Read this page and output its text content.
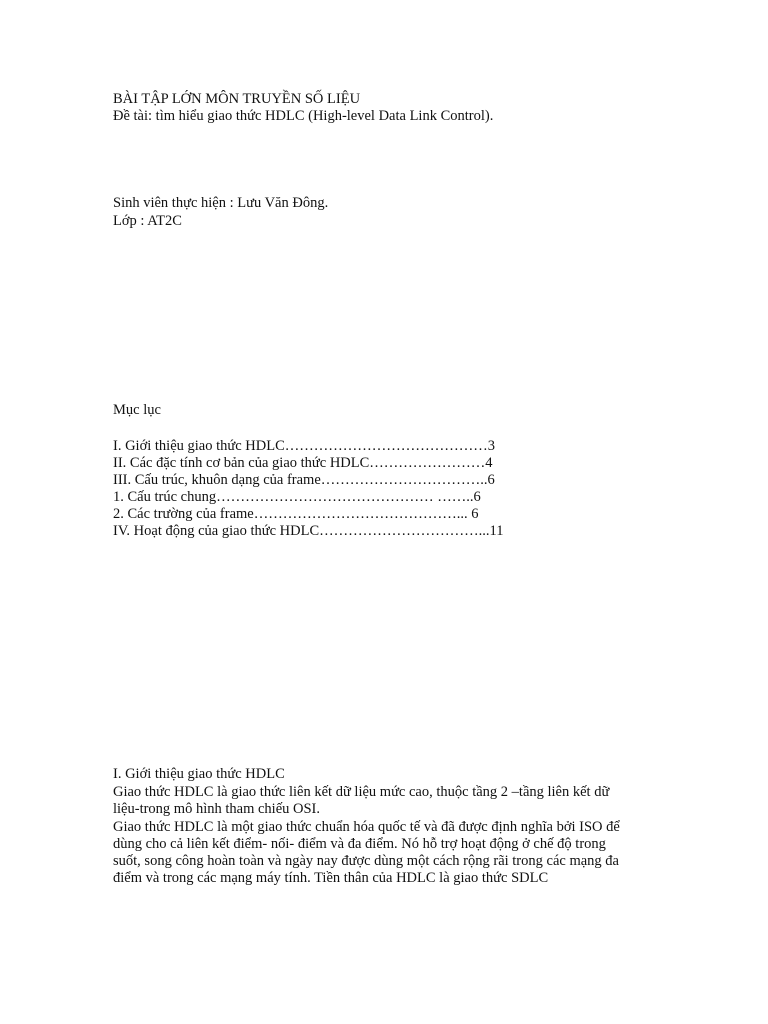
BÀI TẬP LỚN MÔN TRUYỀN SỐ LIỆU
Đề tài: tìm hiểu giao thức HDLC (High-level Data Link Control).
Sinh viên thực hiện : Lưu Văn Đông.
Lớp : AT2C
Mục lục
I. Giới thiệu giao thức HDLC……………………………………3
II. Các đặc tính cơ bản của giao thức HDLC……………………4
III. Cấu trúc, khuôn dạng của frame……………………………..6
1. Cấu trúc chung……………………………………… ……..6
2. Các trường của frame……………………………………... 6
IV. Hoạt động của giao thức HDLC……………………………...11
I. Giới thiệu giao thức HDLC
Giao thức HDLC là giao thức liên kết dữ liệu mức cao, thuộc tầng 2 –tầng liên kết dữ liệu-trong mô hình tham chiếu OSI.
Giao thức HDLC là một giao thức chuẩn hóa quốc tế và đã được định nghĩa bởi ISO để dùng cho cả liên kết điểm- nối- điểm và đa điểm. Nó hỗ trợ hoạt động ở chế độ trong suốt, song công hoàn toàn và ngày nay được dùng một cách rộng rãi trong các mạng đa điểm và trong các mạng máy tính. Tiền thân của HDLC là giao thức SDLC
